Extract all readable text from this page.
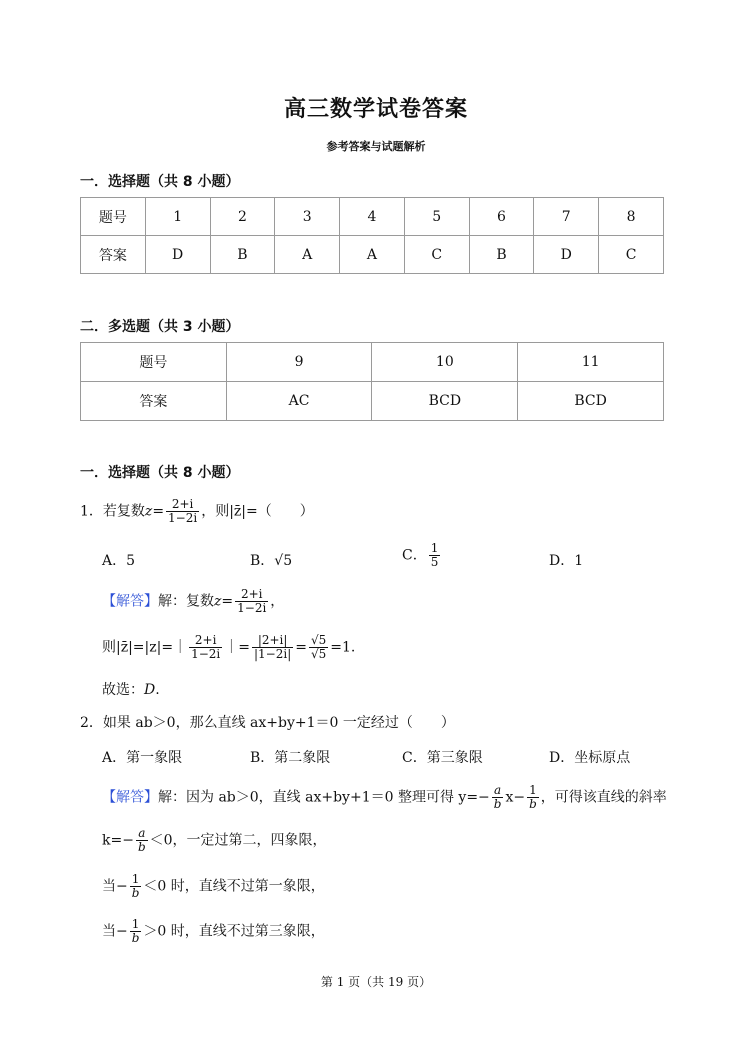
高三数学试卷答案
参考答案与试题解析
一．选择题（共 8 小题）
题号	1	2	3	4	5	6	7	8
答案	D	B	A	A	C	B	D	C
二．多选题（共 3 小题）
题号	9	10	11
答案	AC	BCD	BCD
一．选择题（共 8 小题）
1．若复数$z= \frac{2+i}{1-2i}$ ，则|z̄|=（　　）
A．5	B．√5	C． $\frac{1}{5}$	D．1
【解答】解：复数$z= \frac{2+i}{1-2i}$ ，
则|z̄|=|z|=｜ $\frac{2+i}{1-2i}$ ｜= $\frac{|2+i|}{|1-2i|} = \frac{√5}{√5} =1$.
故选：D.
2．如果 ab＞0，那么直线 ax+by+1＝0 一定经过（　　）
A．第一象限	B．第二象限	C．第三象限	D．坐标原点
【解答】解：因为 ab＞0，直线 ax+by+1＝0 整理可得 $y=- \frac{a}{b} x- \frac{1}{b}$ ，可得该直线的斜率
$k=- \frac{a}{b} <0$，一定过第二，四象限，
当− $\frac{1}{b} <0$ 时，直线不过第一象限，
当− $\frac{1}{b} >0$ 时，直线不过第三象限，
第 1 页（共 19 页）
